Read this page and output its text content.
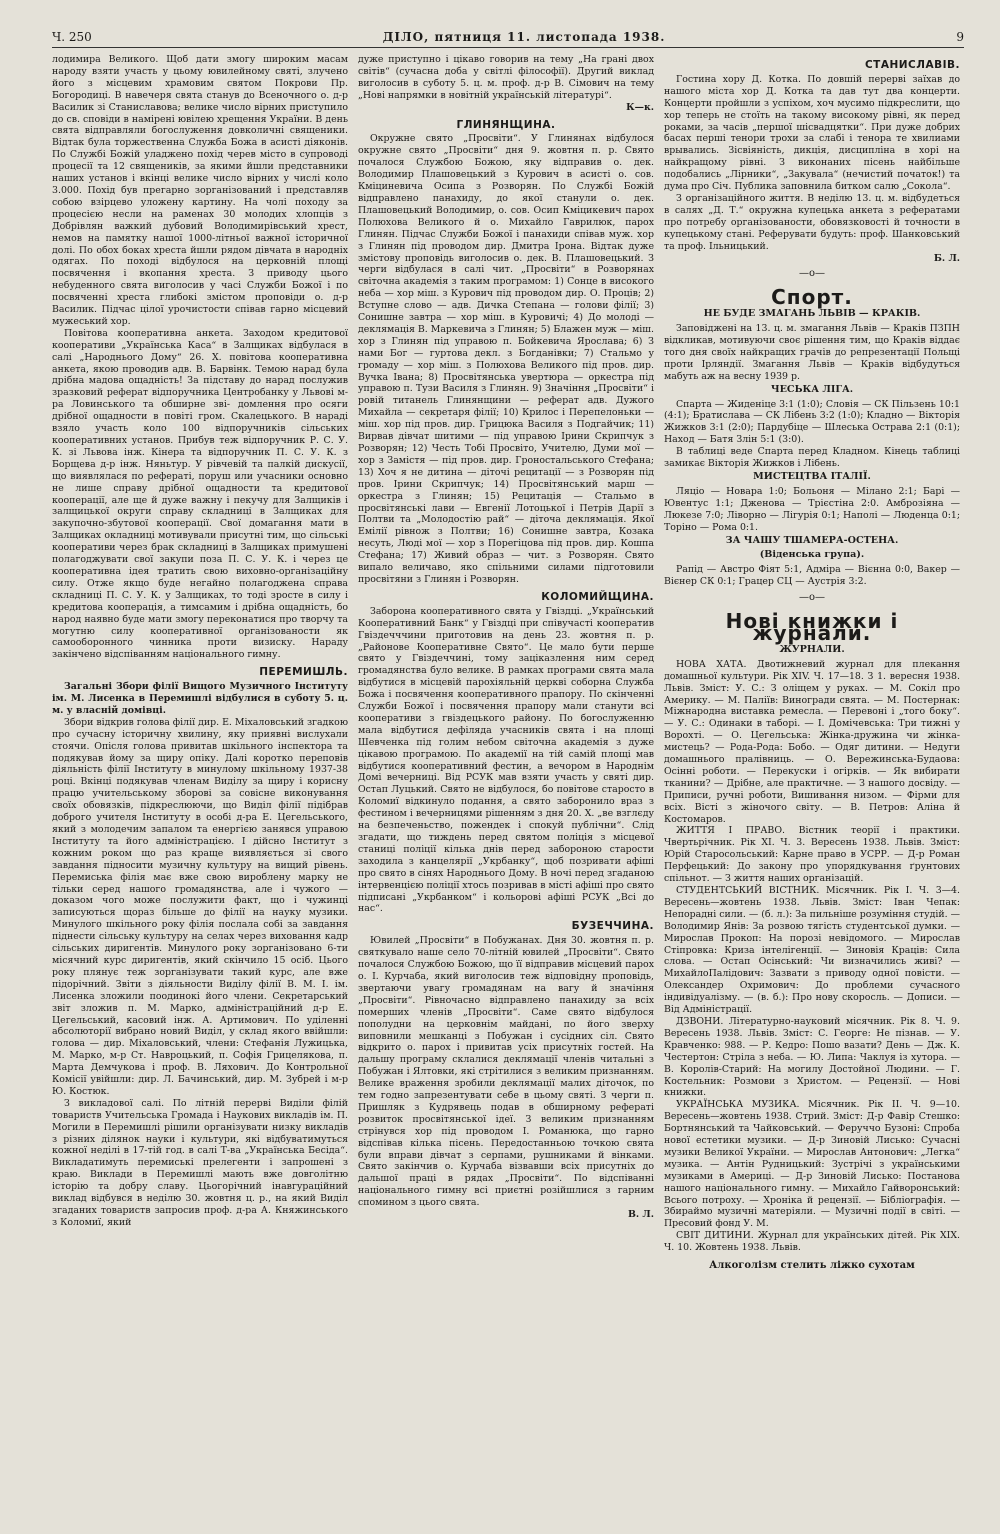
Ч. 250	ДІЛО, пятниця 11. листопада 1938.	9

лодимира Великого. Щоб дати змогу широким масам народу взяти участь у цьому ювилейному святі, злучено його з місцевим храмовим святом Покрови Пр. Богородиці. В навечеря свята станув до Всеночного о. д-р Василик зі Станиславова; велике число вірних приступило до св. сповіди в намірені ювілею хрещення України. В день свята відправляли богослуження довколичні священики. Відтак була торжественна Служба Божа в асисті діяконів. По Службі Божій уладжено похід черев місто в супроводі процесії та 12 священиків, за якими йшли представники наших установ і вкінці велике число вірних у числі коло 3.000. Похід був прегарно зорганізований і представляв собою взірцево уложену картину. На чолі походу за процесією несли на раменах 30 молодих хлопців з Добрівлян важкий дубовий Володимирівський хрест, немов на памятку нашої 1000-літньої важної історичної долі. По обох боках хреста йшли рядом дівчата в народніх одягах. По поході відбулося на церковній площі посвячення і вкопання хреста. З приводу цього небуденного свята виголосив у часі Служби Божої і по посвяченні хреста глибокі змістом проповіди о. д-р Василик. Підчас цілої урочистости співав гарно місцевий мужеський хор.

Повітова кооперативна анкета. Заходом кредитової кооперативи „Українська Каса“ в Залщиках відбулася в салі „Народнього Дому“ 26. X. повітова кооперативна анкета, якою проводив адв. В. Барвінк. Темою нарад була дрібна мадова ощадність! За підставу до нарад послужив зразковий реферат відпоручника Центробанку у Львові м-ра Ловинського та обширне зві- домлення про осяги дрібної ощадности в повіті гром. Скалецького. В нараді взяло участь коло 100 відпоручників сільських кооперативних установ. Прибув теж відпоручник Р. С. У. К. зі Львова інж. Кінера та відпоручник П. С. У. К. з Борщева д-р інж. Няньтур. У рівчевій та палкій дискусії, що виявлялася по рефераті, поруш или учасники основно не лише справу дрібної ощадности та кредитової кооперації, але ще й дуже важну і пекучу для Залщиків і залщицької округи справу складниці в Залщиках для закупочно-збутової кооперації. Свої домагання мати в Залщиках окладниці мотивували присутні тим, що сільські кооперативи через брак складниці в Залщиках примушені полагоджувати свої закупи поза П. С. У. К. і через це кооперативна ідея тратить свою виховно-організаційну силу. Отже якщо буде негайно полагоджена справа складниці П. С. У. К. у Залщиках, то тоді зросте в силу і кредитова кооперація, а тимсамим і дрібна ощадність, бо народ наявно буде мати змогу переконатися про творчу та могутню силу кооперативної організованости як самооборонного чинника проти визиску. Нараду закінчено відспіванням національного гимну.

ПЕРЕМИШЛЬ.

Загальні Збори філії Вищого Музичного Інституту ім. М. Лисенка в Перемишлі відбулися в суботу 5. ц. м. у власній домівці.

Збори відкрив голова філії дир. Е. Міхаловський згадкою про сучасну історичну хвилину, яку приявні вислухали стоячи. Опісля голова привитав шкільного інспектора та подякував йому за щиру опіку. Далі коротко переповів діяльність філії Інституту в минулому шкільному 1937-38 році. Вкінці подякував членам Виділу за щиру і корисну працю учительському зборові за совісне виконування своїх обовязків, підкреслюючи, що Виділ філії підібрав доброго учителя Інституту в особі д-ра Е. Цегельського, який з молодечим запалом та енергією занявся управою Інституту та його адміністрацією. І дійсно Інститут з кожним роком що раз краще виявляється зі свого завдання підносити музичну культуру на вищий рівень. Перемиська філія має вже свою вироблену марку не тільки серед нашого громадянства, але і чужого — доказом чого може послужити факт, що і чужинці записуються щораз більше до філії на науку музики. Минулого шкільного року філія послала собі за завдання піднести сільську культуру на селах через виховання кадр сільських диригентів. Минулого року зорганізовано 6-ти місячний курс диригентів, який скінчило 15 осіб. Цього року плянує теж зорганізувати такий курс, але вже підорічний. Звіти з діяльности Виділу філії В. М. І. ім. Лисенка зложили поодинокі його члени. Секретарський звіт зложив п. М. Марко, адміністраційний д-р Е. Цегельський, касовий інж. А. Артимович. По уділенні абсолюторії вибрано новий Виділ, у склад якого ввійшли: голова — дир. Міхаловський, члени: Стефанія Лужицька, М. Марко, м-р Ст. Навроцький, п. Софія Грицелякова, п. Марта Демчукова і проф. В. Ляхович. До Контрольної Комісії увійшли: дир. Л. Бачинський, дир. М. Зубрей і м-р Ю. Костюк.

З викладової салі. По літній перерві Виділи філій товариств Учительська Громада і Наукових викладів ім. П. Могили в Перемишлі рішили організувати низку викладів з різних ділянок науки і культури, які відбуватимуться кожної неділі в 17-тій год. в салі Т-ва „Українська Бесіда“. Викладатимуть перемиські прелегенти і запрошені з краю. Виклади в Перемишлі мають вже довголітню історію та добру славу. Цьогорічний інавгураційний виклад відбувся в неділю 30. жовтня ц. р., на який Виділ згаданих товариств запросив проф. д-ра А. Княжинського з Коломиї, який

дуже приступно і цікаво говорив на тему „На грані двох світів“ (сучасна доба у світлі філософії). Другий виклад виголосив в суботу 5. ц. м. проф. д-р В. Сімович на тему „Нові напрямки в новітній українській літературі“.

К—к.
ГЛИНЯНЩИНА.

Окружне свято „Просвіти“. У Глинянах відбулося окружне свято „Просвіти“ дня 9. жовтня п. р. Свято почалося Службою Божою, яку відправив о. дек. Володимир Плашовецький з Курович в асисті о. сов. Кміциневича Осипа з Розворян. По Службі Божій відправлено панахиду, до якої станули о. дек. Плашовецький Володимир, о. сов. Осип Кміцикевич парох Полюхова Великого й о. Михайло Гаврилюк, парох Глинян. Підчас Служби Божої і панахиди співав муж. хор з Глинян під проводом дир. Дмитра Ірона. Відтак дуже змістову проповідь виголосив о. дек. В. Плашовецький. З черги відбулася в салі чит. „Просвіти“ в Розворянах світочна академія з таким програмом: 1) Сонце в високого неба — хор міш. з Курович під проводом дир. О. Проців; 2) Вступне слово — адв. Дичка Степана — голови філії; 3) Сонишне завтра — хор міш. в Куровичі; 4) До молоді — деклямація В. Маркевича з Глинян; 5) Блажен муж — міш. хор з Глинян під управою п. Бойкевича Ярослава; 6) З нами Бог — гуртова декл. з Богданівки; 7) Стальмо у громаду — хор міш. з Полюхова Великого під пров. дир. Вучка Івана; 8) Просвітянська увертюра — оркестра під управою п. Тузи Василя з Глинян. 9) Значіння „Просвіти“ і ровій титанель Глинянщини — реферат адв. Дужого Михайла — секретаря філії; 10) Крилос і Перепелоньки — міш. хор під пров. дир. Грицюка Василя з Подгайчик; 11) Вирвав дівчат шитими — під управою Ірини Скрипчук з Розворян; 12) Честь Тобі Просвіто, Учителю, Думи мої — хор з Замістя — під пров. дир. Гроностальського Стефана; 13) Хоч я не дитина — діточі рецитації — з Розворян під пров. Ірини Скрипчук; 14) Просвітянський марш — оркестра з Глинян; 15) Рецитація — Стальмо в просвітянські лави — Евгенії Лотоцької і Петрів Дарії з Полтви та „Молодостію рай“ — діточа деклямація. Якої Емілії рівнож з Полтви; 16) Сонишне завтра, Козака несуть, Люді мої — хор з Порегіцова під пров. дир. Кошпа Стефана; 17) Живий образ — чит. з Розворян. Свято випало величаво, яко спільними силами підготовили просвітяни з Глинян і Розворян.

КОЛОМИЙЩИНА.

Заборона кооперативного свята у Гвіздці. „Український Кооперативний Банк“ у Гвіздці при співучасті кооператив Гвіздечччини приготовив на день 23. жовтня п. р. „Районове Кооперативне Свято“. Це мало бути перше свято у Гвіздеччині, тому заціказлення ним серед громадянства було велике. В рамках програми свята мала відбутися в місцевій парохіяльній церкві соборна Служба Божа і посвячення кооперативного прапору. По скінченні Служби Божої і посвячення прапору мали станути всі кооперативи з гвіздецького району. По богослуженню мала відбутися дефіляда учасників свята і на площі Шевченка під голим небом світочна академія з дуже цікавою програмою. По академії на тій самій площі мав відбутися кооперативний фестин, а вечором в Народнім Домі вечерниці. Від РСУК мав взяти участь у святі дир. Остап Луцький. Свято не відбулося, бо повітове старосто в Коломиї відкинуло подання, а свято заборонило враз з фестином і вечерницями рішенням з дня 20. X. „ве взглєду на безпеченьство, пожендек і спокуй публічни“. Слід згадати, що тиждень перед святом поліція з місцевої станиці поліції кілька днів перед забороною старости заходила з канцелярії „Укрбанку“, щоб позривати афіші про свято в сінях Народнього Дому. В ночі перед згаданою інтервенцією поліції хтось позривав в місті афіші про свято підписані „Укрбанком“ і кольорові афіші РСУК „Всі до нас“.

БУЗЕЧЧИНА.

Ювилей „Просвіти“ в Побужанах. Дня 30. жовтня п. р. святкувало наше село 70-літній ювилей „Просвіти“. Свято почалося Службою Божою, що її відправив місцевий парох о. І. Курчаба, який виголосив теж відповідну проповідь, звертаючи увагу громадянам на вагу й значіння „Просвіти“. Рівночасно відправлено панахиду за всіх померших членів „Просвіти“. Саме свято відбулося пополудни на церковнім майдані, по його зверху виповнили мешканці з Побужан і сусідних сіл. Свято відкрито о. парох і привитав усіх присутніх гостей. На дальшу програму склалися деклямації членів читальні з Побужан і Ялтовки, які стрітилися з великим признанням. Велике враження зробили деклямації малих діточок, по тем годно запрезентувати себе в цьому святі. З черги п. Пришляк з Кудрявець подав в обширному рефераті розвиток просвітянської ідеї. З великим признанням стрінувся хор під проводом І. Романюка, що гарно відспівав кілька пісень. Передостанньою точкою свята були вправи дівчат з серпами, рушниками й вінками. Свято закінчив о. Курчаба візвавши всіх присутніх до дальшої праці в рядах „Просвіти“. По відспіванні національного гимну всі приєтні розійшлися з гарним спомином з цього свята.

В. Л.
СТАНИСЛАВІВ.

Гостина хору Д. Котка. По довшій перерві заїхав до нашого міста хор Д. Котка та дав тут два концерти. Концерти пройшли з успіхом, хоч мусимо підкреслити, що хор теперь не стоїть на такому високому рівні, як перед роками, за часів „першої шісвадцятки“. При дуже добрих басах перші тенори трохи за слабі і тенора те хвилиами врывались. Зісвіяність, дикція, дисципліна в хорі на найкращому рівні. З виконаних пісень найбільше подобались „Лірники“, „Закувала“ (нечистий початок!) та дума про Січ. Публика заповнила битком салю „Сокола“.

З організаційного життя. В неділю 13. ц. м. відбудеться в салях „Д. Т.“ окружна купецька анкета з рефератами про потребу організованости, обовязковості й точности в купецькому стані. Реферувати будуть: проф. Шанковський та проф. Ільницький.

Б. Л.
—o—
Спорт.
НЕ БУДЕ ЗМАГАНЬ ЛЬВІВ — КРАКІВ.

Заповіджені на 13. ц. м. змагання Львів — Краків ПЗПН відкликав, мотивуючи своє рішення тим, що Краків віддає того дня своїх найкращих грачів до репрезентації Польщі проти Ірляндії. Змагання Львів — Краків відбудуться мабуть аж на весну 1939 р.

ЧЕСЬКА ЛІГА.

Спарта — Жиденіце 3:1 (1:0); Словія — СК Пільзень 10:1 (4:1); Братислава — СК Лібень 3:2 (1:0); Кладно — Вікторія Жижков 3:1 (2:0); Пардубіце — Шлеська Острава 2:1 (0:1); Наход — Батя Злін 5:1 (3:0).

В таблиці веде Спарта перед Кладном. Кінець таблиці замикає Вікторія Жижков і Лібень.

МИСТЕЦТВА ІТАЛІЇ.

Ляціо — Новара 1:0; Больоня — Мілано 2:1; Барі — Ювентус 1:1; Дженова — Трієстіна 2:0. Амброзіяна — Люкезе 7:0; Ліворно — Лігурія 0:1; Наполі — Люденца 0:1; Торіно — Рома 0:1.

ЗА ЧАШУ ТШАМЕРА-ОСТЕНА.
(Віденська група).

Рапід — Австро Фіят 5:1, Адміра — Вієнна 0:0, Вакер — Вієнер СК 0:1; Грацер СЦ — Аустрія 3:2.

—o—
Нові книжки і журнали.
ЖУРНАЛИ.

НОВА ХАТА. Двотижневий журнал для плекання домашньої культури. Рік XIV. Ч. 17—18. З 1. вересня 1938. Львів. Зміст: У. С.: З оліщем у руках. — М. Сокіл про Америку. — М. Паліїв: Виногради свята. — М. Постернак: Міжнародна виставка ремесла. — Перевоні і „того боку“. — У. С.: Одинаки в таборі. — І. Домічевська: Три тижні у Ворохті. — О. Цегельська: Жінка-дружина чи жінка-мистець? — Рода-Рода: Бобо. — Одяг дитини. — Недуги домашнього пралівниць. — О. Вережинська-Будаова: Осінні роботи. — Перекуски і огірків. — Як вибирати тканини? — Дрібне, але практичне. — З нашого досвіду. — Приписи, ручні роботи, Вишивання низом. — Фірми для всіх. Вісті з жіночого світу. — В. Петров: Аліна й Костомаров.

ЖИТТЯ І ПРАВО. Вістник теорії і практики. Чвертьрічник. Рік XI. Ч. 3. Вересень 1938. Львів. Зміст: Юрій Старосольський: Карне право в УСРР. — Д-р Роман Перфецький: До закону про упорядкування ґрунтових спільнот. — З життя наших організацій.

СТУДЕНТСЬКИЙ ВІСТНИК. Місячник. Рік І. Ч. 3—4. Вересень—жовтень 1938. Львів. Зміст: Іван Чепак: Непорадні сили. — (б. л.): За пильніше розуміння студій. — Володимир Янів: За розвою тягість студентської думки. — Мирослав Прокоп: На порозі невідомого. — Мирослав Стіпровка: Криза інтелігенції. — Зиновія Краців: Сила слова. — Остап Осінський: Чи визначились живі? — МихайлоПалідович: Зазвати з приводу одної повісти. — Олександер Охримович: До проблеми сучасного індивідуалізму. — (в. б.): Про нову скоросль. — Дописи. — Від Адміністрації.

ДЗВОНИ. Літературно-науковий місячник. Рік 8. Ч. 9. Вересень 1938. Львів. Зміст: С. Георге: Не пізнав. — У. Кравченко: 988. — Р. Кедро: Пошо вазати? День — Дж. К. Честертон: Стріла з неба. — Ю. Липа: Чаклуя із хутора. — В. Королів-Старий: На могилу Достойної Людини. — Г. Костельник: Розмови з Христом. — Рецензії. — Нові книжки.

УКРАЇНСЬКА МУЗИКА. Місячник. Рік II. Ч. 9—10. Вересень—жовтень 1938. Стрий. Зміст: Д-р Фавір Стешко: Бортнянський та Чайковський. — Феруччо Бузоні: Спроба нової естетики музики. — Д-р Зиновій Лисько: Сучасні музики Великої України. — Мирослав Антонович: „Легка“ музика. — Антін Рудницький: Зустрічі з українськими музиками в Америці. — Д-р Зиновій Лисько: Постанова нашого національного гимну. — Михайло Гайворонський: Всього потроху. — Хроніка й рецензії. — Бібліографія. — Збираймо музичні матеріяли. — Музичні події в світі. — Пресовий фонд У. М.

СВІТ ДИТИНИ. Журнал для українських дітей. Рік XIX. Ч. 10. Жовтень 1938. Львів.

Алкоголізм стелить ліжко сухотам
